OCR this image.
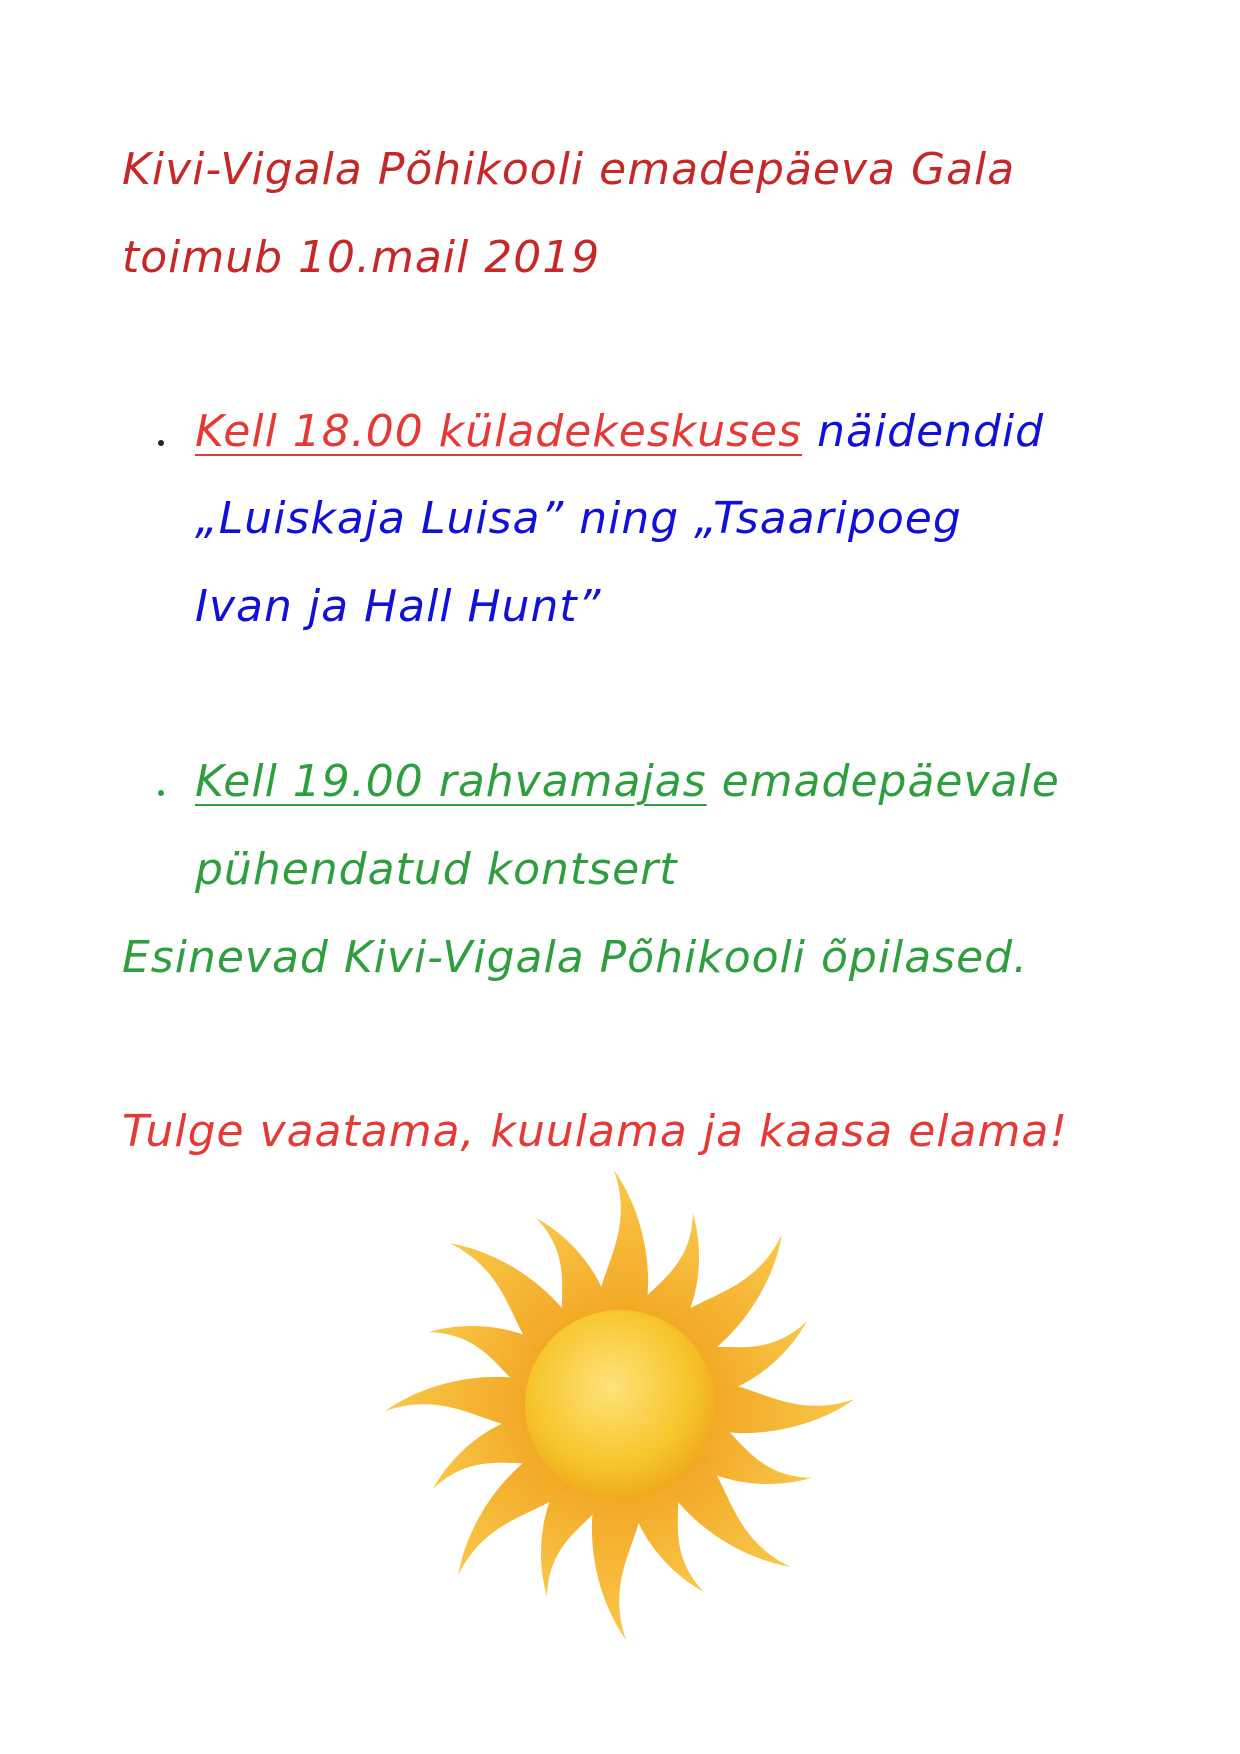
Kivi-Vigala Põhikooli emadepäeva Gala
toimub 10.mail 2019
Kell 18.00 küladekeskuses näidendid
„Luiskaja Luisa” ning „Tsaaripoeg
Ivan ja Hall Hunt”
Kell 19.00 rahvamajas emadepäevale
pühendatud kontsert
Esinevad Kivi-Vigala Põhikooli õpilased.
Tulge vaatama, kuulama ja kaasa elama!
